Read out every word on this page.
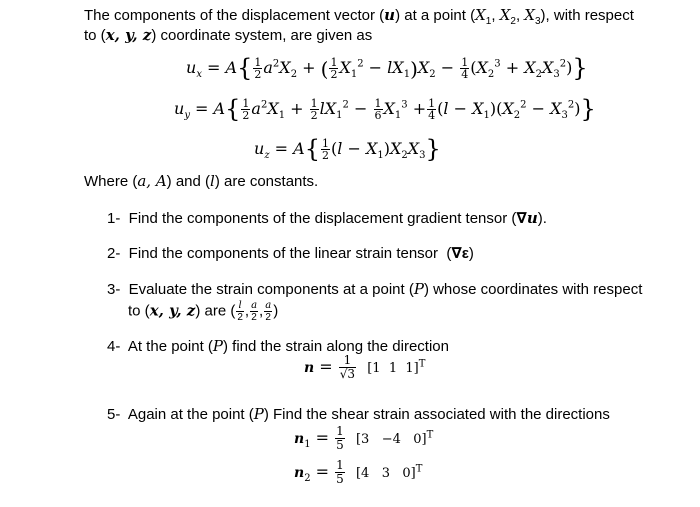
The components of the displacement vector (u) at a point ($X_1$, $X_2$, $X_3$), with respect
to (x, y, z) coordinate system, are given as
$u_x = A\{ \frac{1}{2} a^2X_2$ + ( $\frac{1}{2} X_1^2 - lX_1)X_2 - \frac{1}{4} (X_2^3 + X_2X_3^2)$}
$u_y = A\{ \frac{1}{2} a^2X_1 + \frac{1}{2} lX_1^2 - \frac{1}{6} X_1^3 + \frac{1}{4} (l - X_1)(X_2^2 - X_3^2)\}$
$u_z = A\{ \frac{1}{2} (l - X_1)X_2X_3\}$
Where (a, A) and (l) are constants.
1-  Find the components of the displacement gradient tensor (∇u).
2-  Find the components of the linear strain tensor  (∇ε)
3-  Evaluate the strain components at a point (P) whose coordinates with respect
to (x, y, z) are ( $\frac{l}{2}$ , $\frac{a}{2}$ , $\frac{a}{2}$ )
4-  At the point (P) find the strain along the direction
$n = \frac{1}{√3} [1$  1  1]$^T$
5-  Again at the point (P) Find the shear strain associated with the directions
$n_1 = \frac{1}{5} [3 -4$   0]$^T$
$n_2 = \frac{1}{5} [4$   3   0]$^T$
